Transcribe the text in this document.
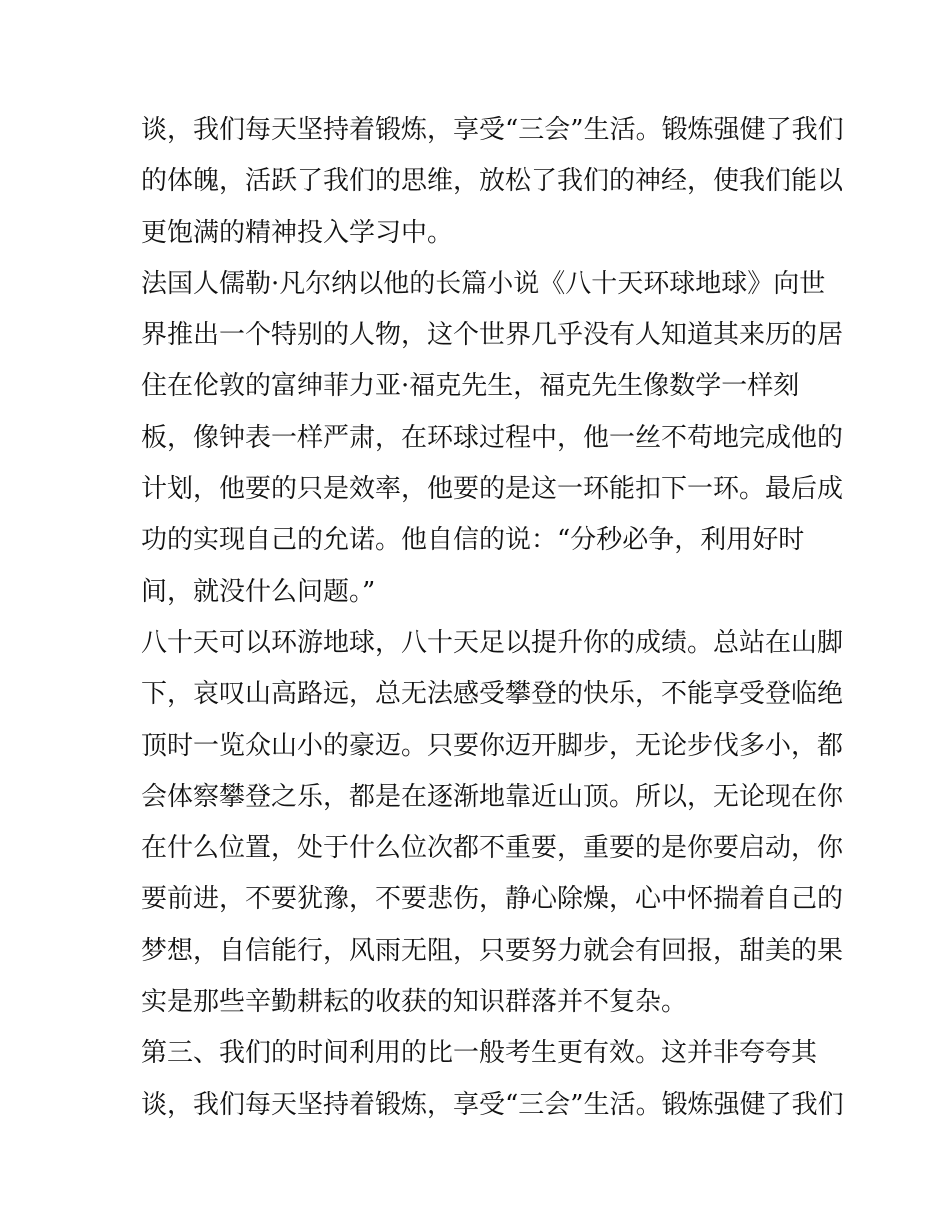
谈，我们每天坚持着锻炼，享受“三会”生活。锻炼强健了我们
的体魄，活跃了我们的思维，放松了我们的神经，使我们能以
更饱满的精神投入学习中。
法国人儒勒·凡尔纳以他的长篇小说《八十天环球地球》向世
界推出一个特别的人物，这个世界几乎没有人知道其来历的居
住在伦敦的富绅菲力亚·福克先生，福克先生像数学一样刻
板，像钟表一样严肃，在环球过程中，他一丝不苟地完成他的
计划，他要的只是效率，他要的是这一环能扣下一环。最后成
功的实现自己的允诺。他自信的说：“分秒必争，利用好时
间，就没什么问题。”
八十天可以环游地球，八十天足以提升你的成绩。总站在山脚
下，哀叹山高路远，总无法感受攀登的快乐，不能享受登临绝
顶时一览众山小的豪迈。只要你迈开脚步，无论步伐多小，都
会体察攀登之乐，都是在逐渐地靠近山顶。所以，无论现在你
在什么位置，处于什么位次都不重要，重要的是你要启动，你
要前进，不要犹豫，不要悲伤，静心除燥，心中怀揣着自己的
梦想，自信能行，风雨无阻，只要努力就会有回报，甜美的果
实是那些辛勤耕耘的收获的知识群落并不复杂。
第三、我们的时间利用的比一般考生更有效。这并非夸夸其
谈，我们每天坚持着锻炼，享受“三会”生活。锻炼强健了我们
